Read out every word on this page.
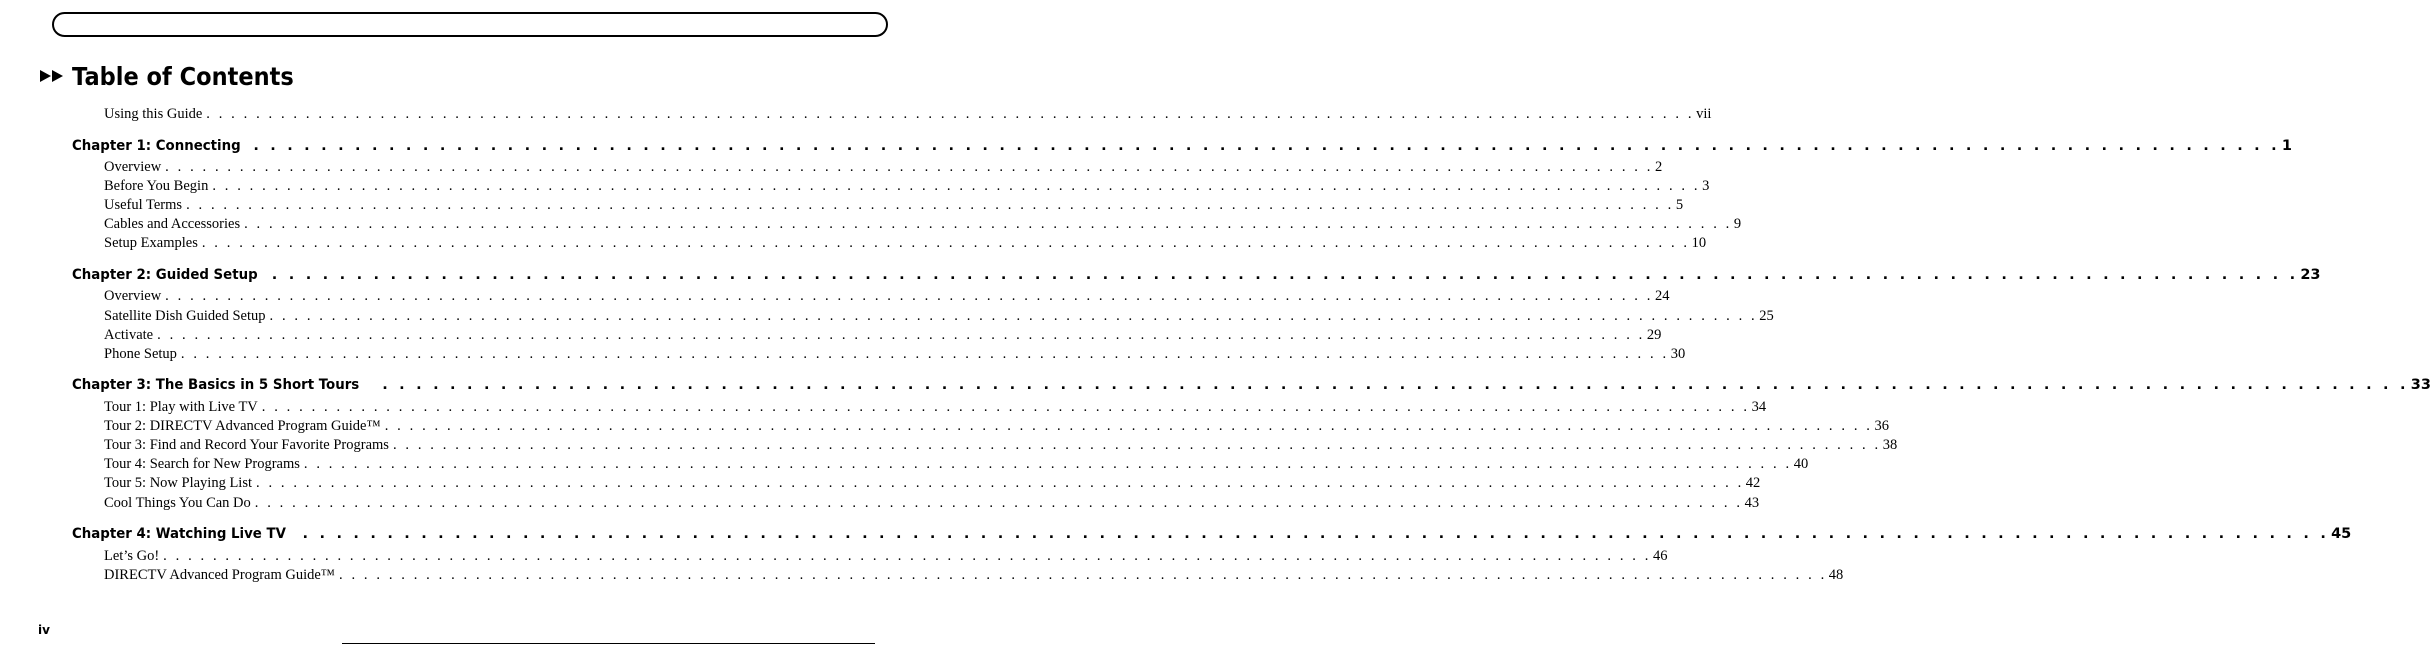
Table of Contents
Using this Guide . . . . . . . . . . . . . . . . . . . . . . . . . . . . . . . . . . . . . . . . . . . . . . . . . . . . . . . . . . . . . . . . . . . . . . . . . . . . . . . . . . . . . . . . . . . . . . . . . . . . . . . . . . . . . . . . . . . . . . . . vii
Chapter 1: Connecting . . . . . . . . . . . . . . . . . . . . . . . . . . . . . . . . . . . . . . . . . . . . . . . . . . . . . . . . . . . . . . . . . . . . . . . . . . . . . . . . . . . . . . . . . . . . . . . . . . . . . . . . . . . . . . . . . . . . . . . . 1
Overview . . . . . . . . . . . . . . . . . . . . . . . . . . . . . . . . . . . . . . . . . . . . . . . . . . . . . . . . . . . . . . . . . . . . . . . . . . . . . . . . . . . . . . . . . . . . . . . . . . . . . . . . . . . . . . . . . . . . . . . . 2
Before You Begin . . . . . . . . . . . . . . . . . . . . . . . . . . . . . . . . . . . . . . . . . . . . . . . . . . . . . . . . . . . . . . . . . . . . . . . . . . . . . . . . . . . . . . . . . . . . . . . . . . . . . . . . . . . . . . . . . . . . . . . . 3
Useful Terms . . . . . . . . . . . . . . . . . . . . . . . . . . . . . . . . . . . . . . . . . . . . . . . . . . . . . . . . . . . . . . . . . . . . . . . . . . . . . . . . . . . . . . . . . . . . . . . . . . . . . . . . . . . . . . . . . . . . . . . . 5
Cables and Accessories . . . . . . . . . . . . . . . . . . . . . . . . . . . . . . . . . . . . . . . . . . . . . . . . . . . . . . . . . . . . . . . . . . . . . . . . . . . . . . . . . . . . . . . . . . . . . . . . . . . . . . . . . . . . . . . . . . . . . . . . 9
Setup Examples . . . . . . . . . . . . . . . . . . . . . . . . . . . . . . . . . . . . . . . . . . . . . . . . . . . . . . . . . . . . . . . . . . . . . . . . . . . . . . . . . . . . . . . . . . . . . . . . . . . . . . . . . . . . . . . . . . . . . . . . 10
Chapter 2: Guided Setup . . . . . . . . . . . . . . . . . . . . . . . . . . . . . . . . . . . . . . . . . . . . . . . . . . . . . . . . . . . . . . . . . . . . . . . . . . . . . . . . . . . . . . . . . . . . . . . . . . . . . . . . . . . . . . . . . . . . . . . . 23
Overview . . . . . . . . . . . . . . . . . . . . . . . . . . . . . . . . . . . . . . . . . . . . . . . . . . . . . . . . . . . . . . . . . . . . . . . . . . . . . . . . . . . . . . . . . . . . . . . . . . . . . . . . . . . . . . . . . . . . . . . . 24
Satellite Dish Guided Setup . . . . . . . . . . . . . . . . . . . . . . . . . . . . . . . . . . . . . . . . . . . . . . . . . . . . . . . . . . . . . . . . . . . . . . . . . . . . . . . . . . . . . . . . . . . . . . . . . . . . . . . . . . . . . . . . . . . . . . . . 25
Activate . . . . . . . . . . . . . . . . . . . . . . . . . . . . . . . . . . . . . . . . . . . . . . . . . . . . . . . . . . . . . . . . . . . . . . . . . . . . . . . . . . . . . . . . . . . . . . . . . . . . . . . . . . . . . . . . . . . . . . . . 29
Phone Setup . . . . . . . . . . . . . . . . . . . . . . . . . . . . . . . . . . . . . . . . . . . . . . . . . . . . . . . . . . . . . . . . . . . . . . . . . . . . . . . . . . . . . . . . . . . . . . . . . . . . . . . . . . . . . . . . . . . . . . . . 30
Chapter 3: The Basics in 5 Short Tours . . . . . . . . . . . . . . . . . . . . . . . . . . . . . . . . . . . . . . . . . . . . . . . . . . . . . . . . . . . . . . . . . . . . . . . . . . . . . . . . . . . . . . . . . . . . . . . . . . . . . . . . . . . . . . . . . . . . . . . . 33
Tour 1: Play with Live TV . . . . . . . . . . . . . . . . . . . . . . . . . . . . . . . . . . . . . . . . . . . . . . . . . . . . . . . . . . . . . . . . . . . . . . . . . . . . . . . . . . . . . . . . . . . . . . . . . . . . . . . . . . . . . . . . . . . . . . . . 34
Tour 2: DIRECTV Advanced Program Guide™ . . . . . . . . . . . . . . . . . . . . . . . . . . . . . . . . . . . . . . . . . . . . . . . . . . . . . . . . . . . . . . . . . . . . . . . . . . . . . . . . . . . . . . . . . . . . . . . . . . . . . . . . . . . . . . . . . . . . . . . . 36
Tour 3: Find and Record Your Favorite Programs . . . . . . . . . . . . . . . . . . . . . . . . . . . . . . . . . . . . . . . . . . . . . . . . . . . . . . . . . . . . . . . . . . . . . . . . . . . . . . . . . . . . . . . . . . . . . . . . . . . . . . . . . . . . . . . . . . . . . . . . 38
Tour 4: Search for New Programs . . . . . . . . . . . . . . . . . . . . . . . . . . . . . . . . . . . . . . . . . . . . . . . . . . . . . . . . . . . . . . . . . . . . . . . . . . . . . . . . . . . . . . . . . . . . . . . . . . . . . . . . . . . . . . . . . . . . . . . . 40
Tour 5: Now Playing List . . . . . . . . . . . . . . . . . . . . . . . . . . . . . . . . . . . . . . . . . . . . . . . . . . . . . . . . . . . . . . . . . . . . . . . . . . . . . . . . . . . . . . . . . . . . . . . . . . . . . . . . . . . . . . . . . . . . . . . . 42
Cool Things You Can Do . . . . . . . . . . . . . . . . . . . . . . . . . . . . . . . . . . . . . . . . . . . . . . . . . . . . . . . . . . . . . . . . . . . . . . . . . . . . . . . . . . . . . . . . . . . . . . . . . . . . . . . . . . . . . . . . . . . . . . . . 43
Chapter 4: Watching Live TV . . . . . . . . . . . . . . . . . . . . . . . . . . . . . . . . . . . . . . . . . . . . . . . . . . . . . . . . . . . . . . . . . . . . . . . . . . . . . . . . . . . . . . . . . . . . . . . . . . . . . . . . . . . . . . . . . . . . . . . . 45
Let’s Go! . . . . . . . . . . . . . . . . . . . . . . . . . . . . . . . . . . . . . . . . . . . . . . . . . . . . . . . . . . . . . . . . . . . . . . . . . . . . . . . . . . . . . . . . . . . . . . . . . . . . . . . . . . . . . . . . . . . . . . . . 46
DIRECTV Advanced Program Guide™ . . . . . . . . . . . . . . . . . . . . . . . . . . . . . . . . . . . . . . . . . . . . . . . . . . . . . . . . . . . . . . . . . . . . . . . . . . . . . . . . . . . . . . . . . . . . . . . . . . . . . . . . . . . . . . . . . . . . . . . . 48
iv
